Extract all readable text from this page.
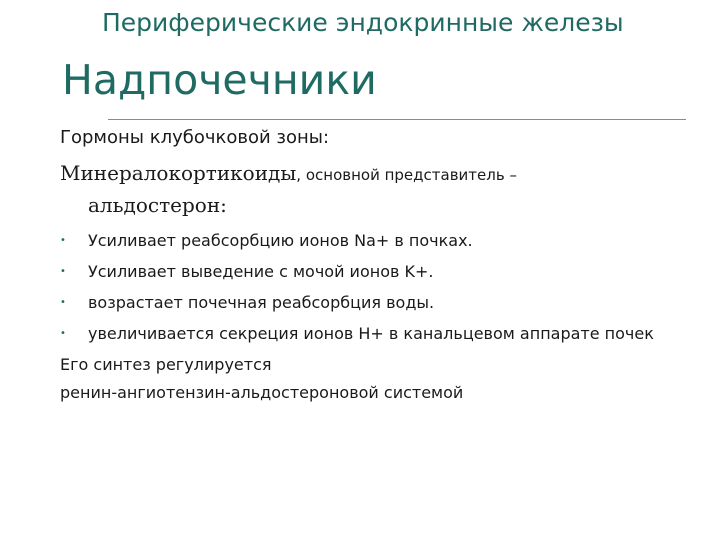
Периферические эндокринные железы
Надпочечники

Гормоны клубочковой зоны:

Минералокортикоиды, основной представитель –
альдостерон:
• Усиливает реабсорбцию ионов Na+ в почках.
• Усиливает выведение с мочой ионов K+.
• возрастает почечная реабсорбция воды.
• увеличивается секреция ионов H+ в канальцевом аппарате почек
Его синтез регулируется
ренин-ангиотензин-альдостероновой системой
